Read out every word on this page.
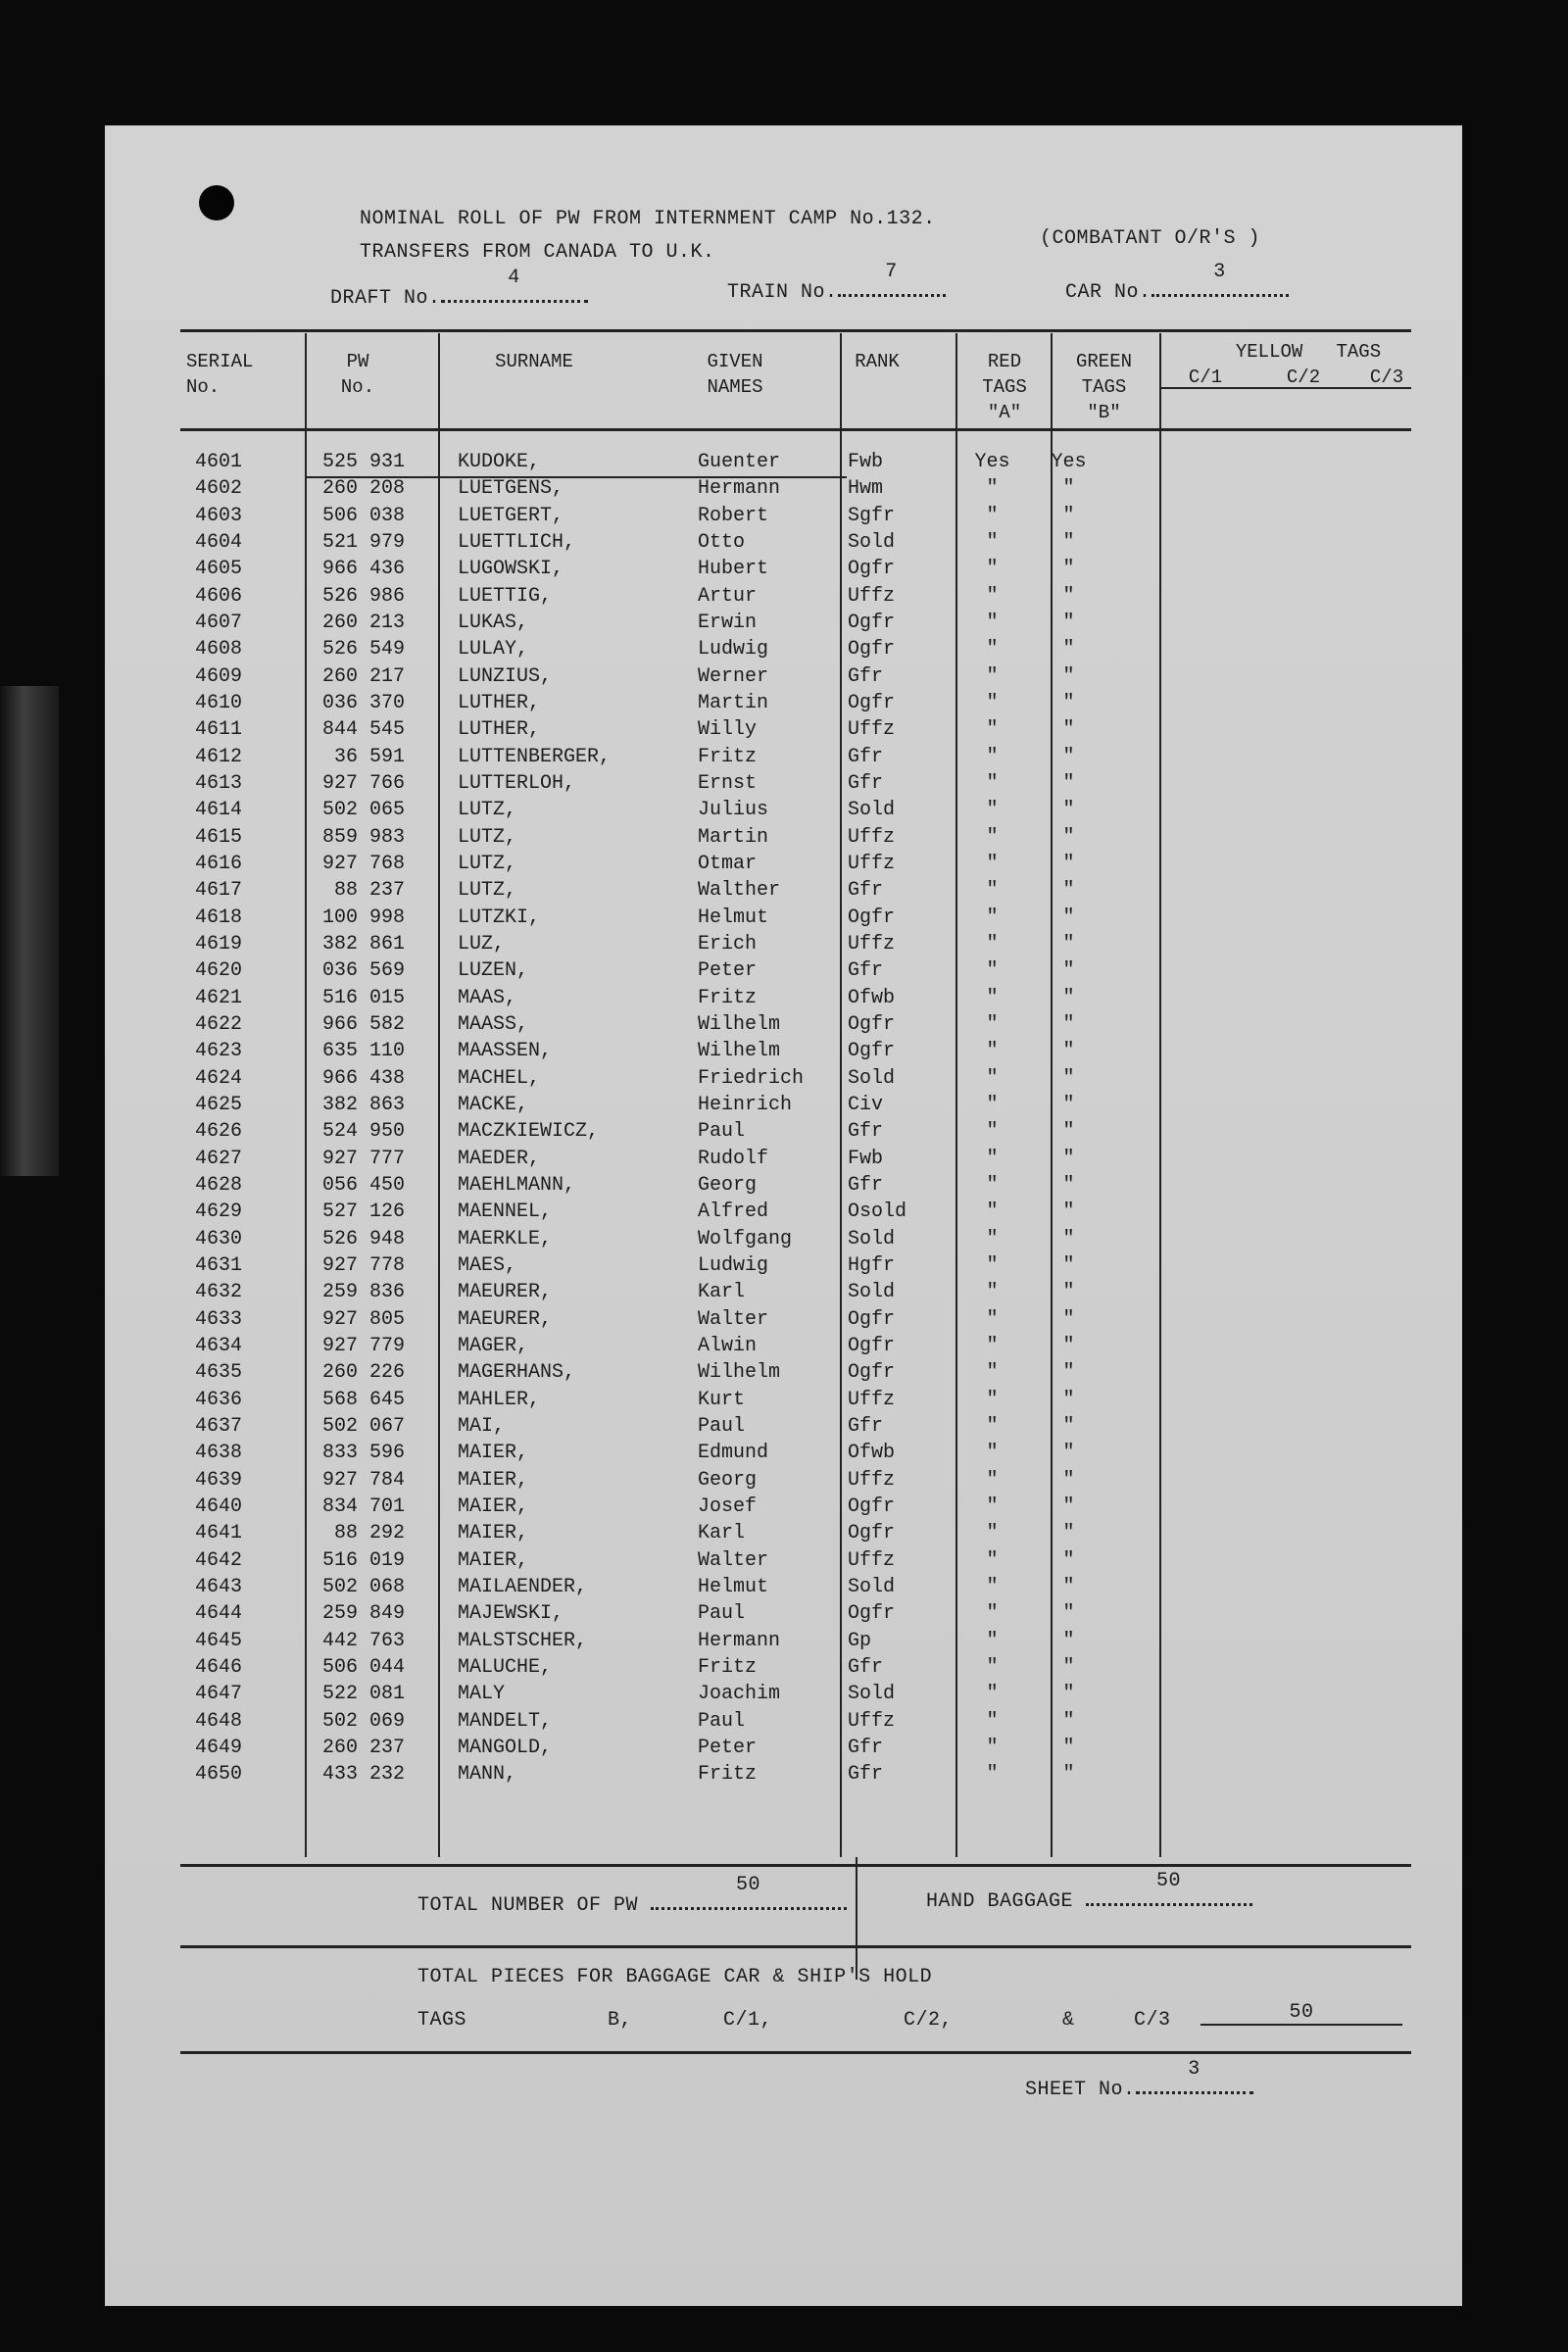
NOMINAL ROLL OF PW FROM INTERNMENT CAMP No.132.
TRANSFERS FROM CANADA TO U.K.
(COMBATANT O/R'S )
DRAFT No.
4
TRAIN No.
7
CAR No.
3
SERIAL
No.
PW
No.
SURNAME	GIVEN
NAMES
RANK	RED
TAGS
"A"
GREEN
TAGS
"B"
YELLOW   TAGS
C/1	C/2	C/3
4601	525 931	KUDOKE,	Guenter	Fwb	Yes Yes
4602	260 208	LUETGENS,	Hermann	Hwm	"	"
4603	506 038	LUETGERT,	Robert	Sgfr	"	"
4604	521 979	LUETTLICH,	Otto	Sold	"	"
4605	966 436	LUGOWSKI,	Hubert	Ogfr	"	"
4606	526 986	LUETTIG,	Artur	Uffz	"	"
4607	260 213	LUKAS,	Erwin	Ogfr	"	"
4608	526 549	LULAY,	Ludwig	Ogfr	"	"
4609	260 217	LUNZIUS,	Werner	Gfr	"	"
4610	036 370	LUTHER,	Martin	Ogfr	"	"
4611	844 545	LUTHER,	Willy	Uffz	"	"
4612	36 591	LUTTENBERGER,	Fritz	Gfr	"	"
4613	927 766	LUTTERLOH,	Ernst	Gfr	"	"
4614	502 065	LUTZ,	Julius	Sold	"	"
4615	859 983	LUTZ,	Martin	Uffz	"	"
4616	927 768	LUTZ,	Otmar	Uffz	"	"
4617	88 237	LUTZ,	Walther	Gfr	"	"
4618	100 998	LUTZKI,	Helmut	Ogfr	"	"
4619	382 861	LUZ,	Erich	Uffz	"	"
4620	036 569	LUZEN,	Peter	Gfr	"	"
4621	516 015	MAAS,	Fritz	Ofwb	"	"
4622	966 582	MAASS,	Wilhelm	Ogfr	"	"
4623	635 110	MAASSEN,	Wilhelm	Ogfr	"	"
4624	966 438	MACHEL,	Friedrich Sold	"	"
4625	382 863	MACKE,	Heinrich	Civ	"	"
4626	524 950	MACZKIEWICZ,	Paul	Gfr	"	"
4627	927 777	MAEDER,	Rudolf	Fwb	"	"
4628	056 450	MAEHLMANN,	Georg	Gfr	"	"
4629	527 126	MAENNEL,	Alfred	Osold	"	"
4630	526 948	MAERKLE,	Wolfgang	Sold	"	"
4631	927 778	MAES,	Ludwig	Hgfr	"	"
4632	259 836	MAEURER,	Karl	Sold	"	"
4633	927 805	MAEURER,	Walter	Ogfr	"	"
4634	927 779	MAGER,	Alwin	Ogfr	"	"
4635	260 226	MAGERHANS,	Wilhelm	Ogfr	"	"
4636	568 645	MAHLER,	Kurt	Uffz	"	"
4637	502 067	MAI,	Paul	Gfr	"	"
4638	833 596	MAIER,	Edmund	Ofwb	"	"
4639	927 784	MAIER,	Georg	Uffz	"	"
4640	834 701	MAIER,	Josef	Ogfr	"	"
4641	88 292	MAIER,	Karl	Ogfr	"	"
4642	516 019	MAIER,	Walter	Uffz	"	"
4643	502 068	MAILAENDER,	Helmut	Sold	"	"
4644	259 849	MAJEWSKI,	Paul	Ogfr	"	"
4645	442 763	MALSTSCHER,	Hermann	Gp	"	"
4646	506 044	MALUCHE,	Fritz	Gfr	"	"
4647	522 081	MALY	Joachim	Sold	"	"
4648	502 069	MANDELT,	Paul	Uffz	"	"
4649	260 237	MANGOLD,	Peter	Gfr	"	"
4650	433 232	MANN,	Fritz	Gfr	"	"
TOTAL NUMBER OF PW
50
HAND BAGGAGE
50
TOTAL PIECES FOR BAGGAGE CAR & SHIP'S HOLD
TAGS	B,	C/1,	C/2,	&	C/3	50
SHEET No.
3
